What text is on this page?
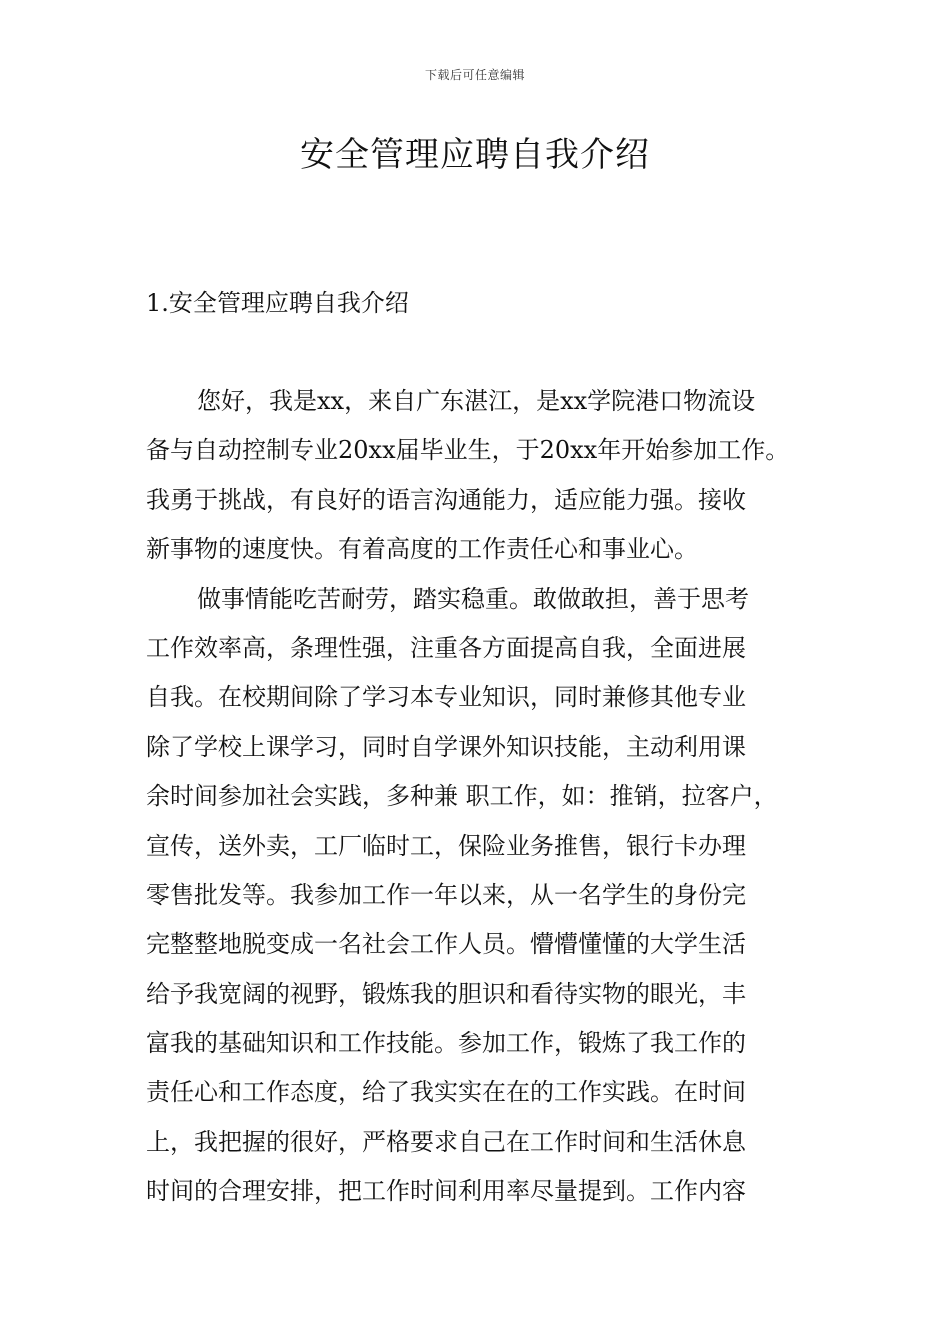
下载后可任意编辑
安全管理应聘自我介绍
1.安全管理应聘自我介绍
您好，我是xx，来自广东湛江，是xx学院港口物流设
备与自动控制专业20xx届毕业生，于20xx年开始参加工作。
我勇于挑战，有良好的语言沟通能力，适应能力强。接收
新事物的速度快。有着高度的工作责任心和事业心。
做事情能吃苦耐劳，踏实稳重。敢做敢担，善于思考
工作效率高，条理性强，注重各方面提高自我，全面进展
自我。在校期间除了学习本专业知识，同时兼修其他专业
除了学校上课学习，同时自学课外知识技能，主动利用课
余时间参加社会实践，多种兼 职工作，如：推销，拉客户，
宣传，送外卖，工厂临时工，保险业务推售，银行卡办理
零售批发等。我参加工作一年以来，从一名学生的身份完
完整整地脱变成一名社会工作人员。懵懵懂懂的大学生活
给予我宽阔的视野，锻炼我的胆识和看待实物的眼光，丰
富我的基础知识和工作技能。参加工作，锻炼了我工作的
责任心和工作态度，给了我实实在在的工作实践。在时间
上，我把握的很好，严格要求自己在工作时间和生活休息
时间的合理安排，把工作时间利用率尽量提到。工作内容
